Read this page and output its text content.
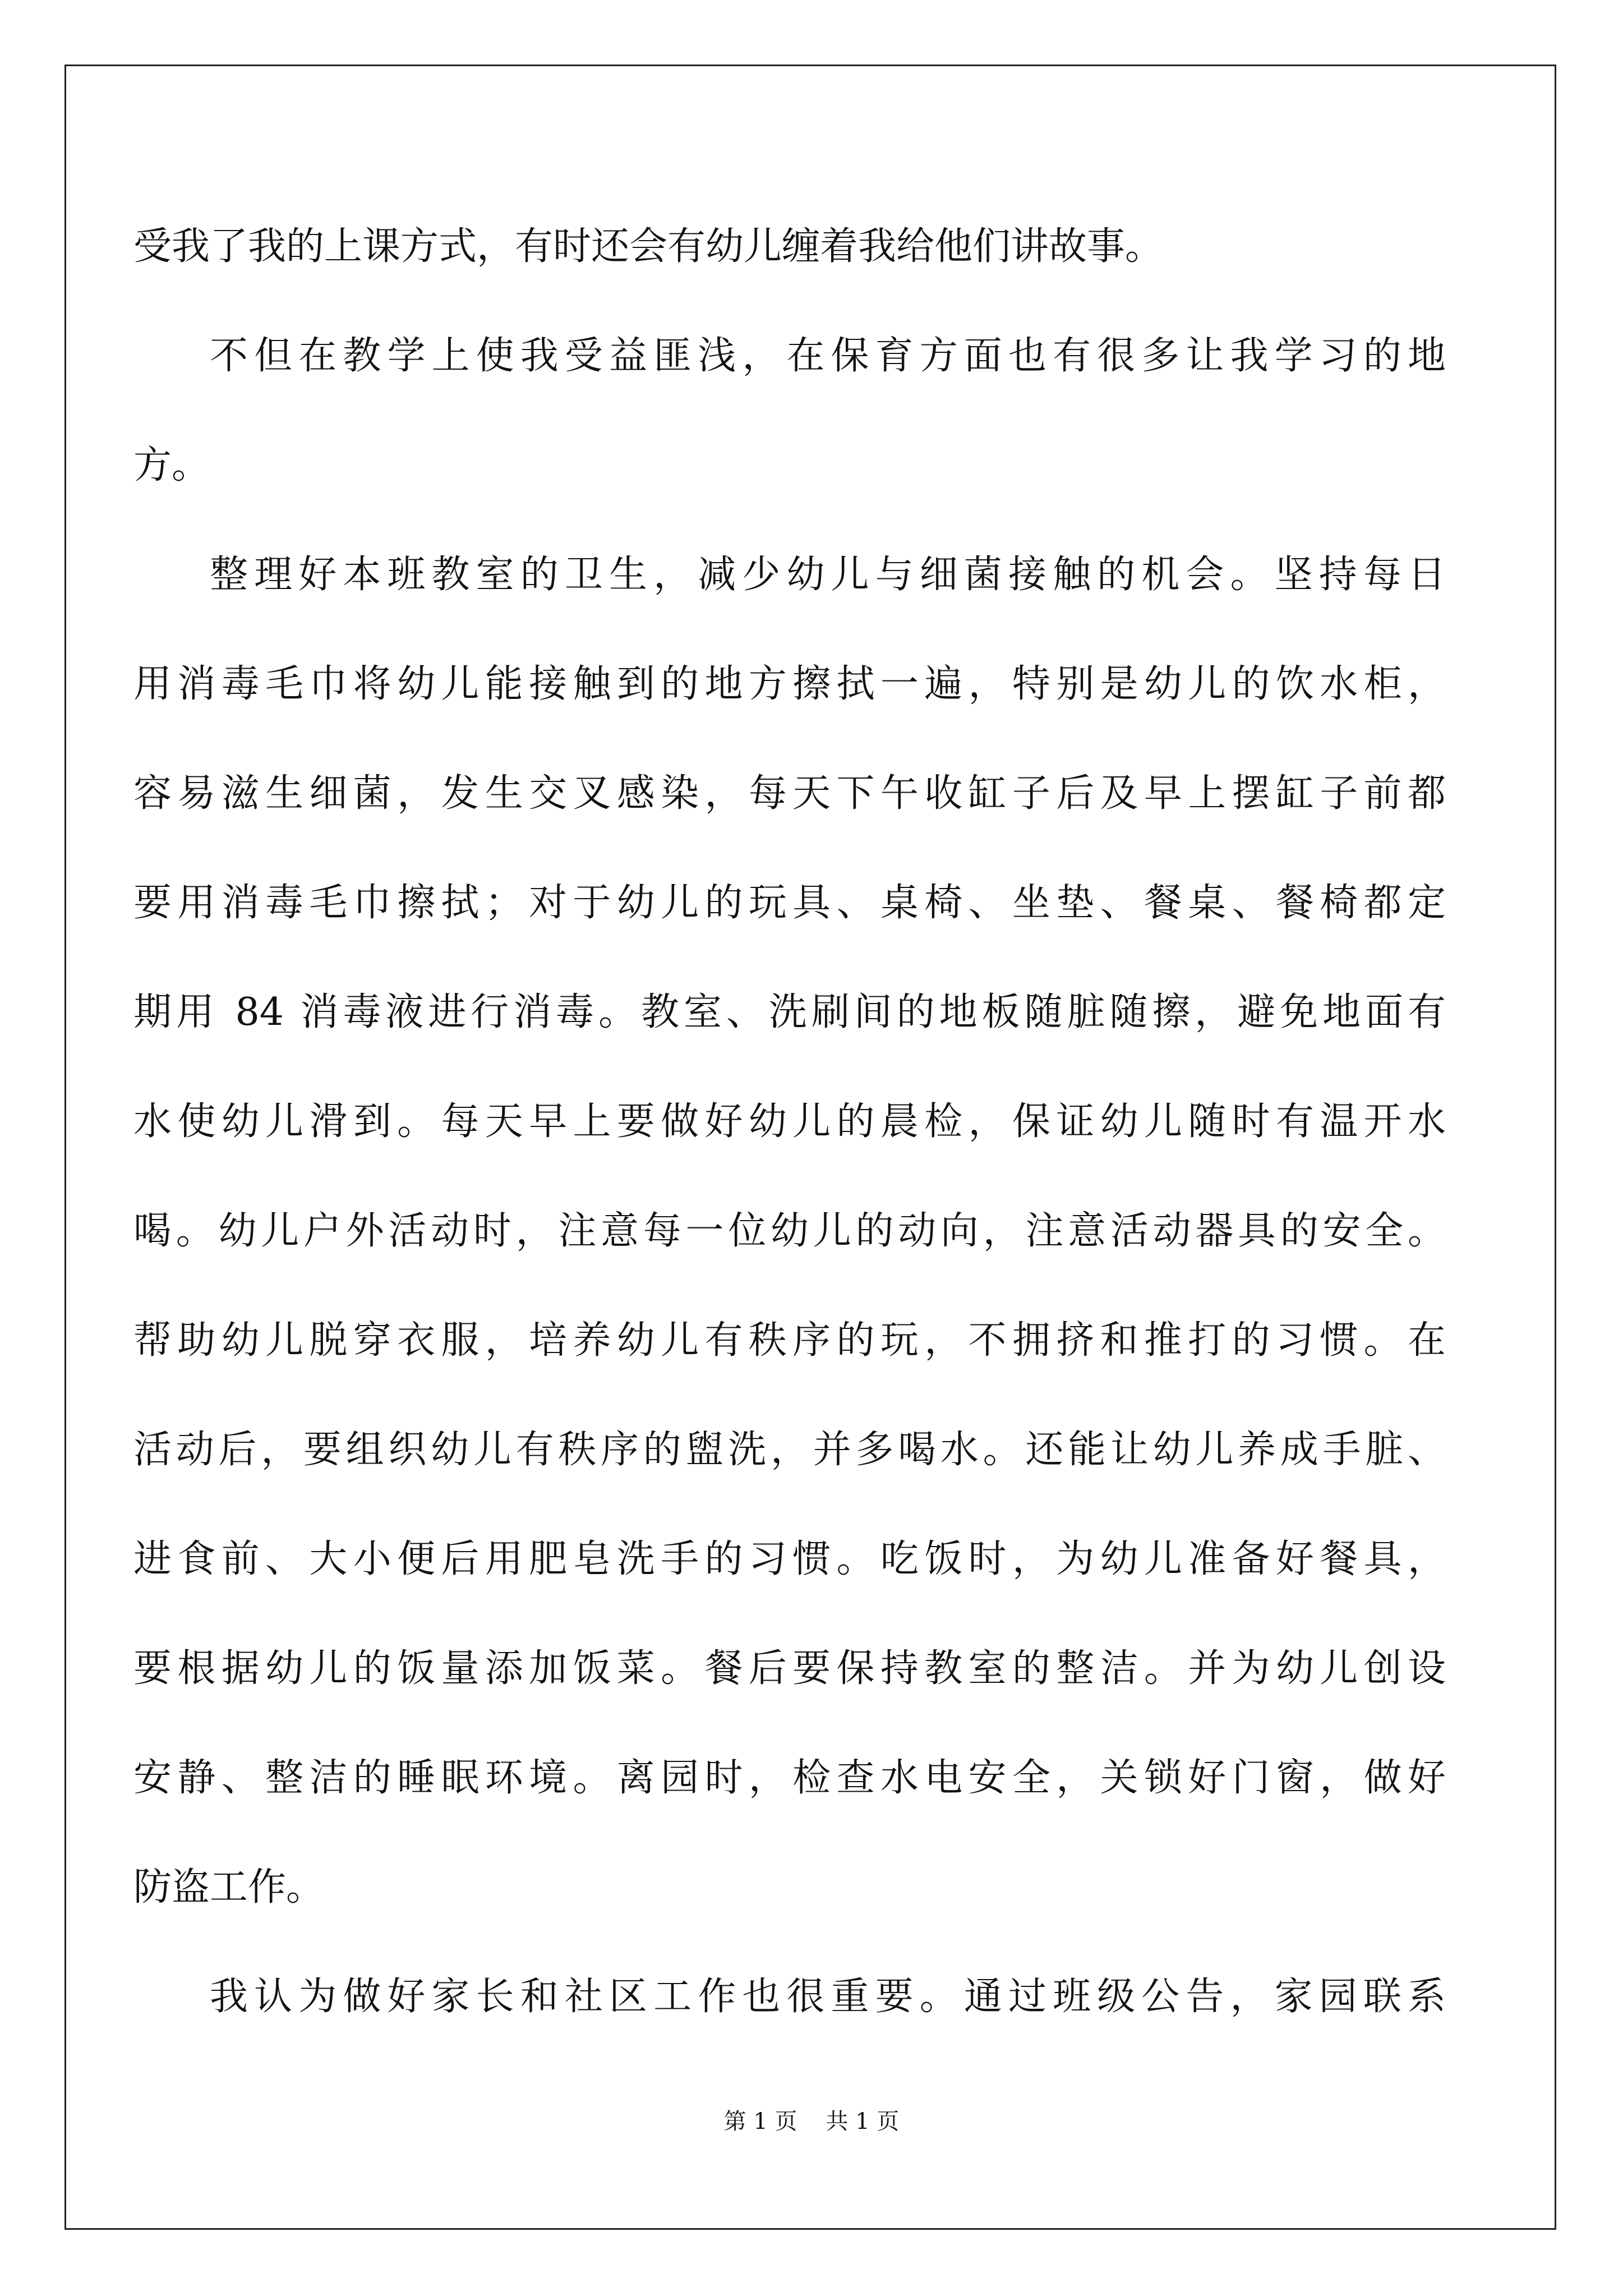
受我了我的上课方式，有时还会有幼儿缠着我给他们讲故事。
不但在教学上使我受益匪浅，在保育方面也有很多让我学习的地
方。
整理好本班教室的卫生，减少幼儿与细菌接触的机会。坚持每日
用消毒毛巾将幼儿能接触到的地方擦拭一遍，特别是幼儿的饮水柜，
容易滋生细菌，发生交叉感染，每天下午收缸子后及早上摆缸子前都
要用消毒毛巾擦拭；对于幼儿的玩具、桌椅、坐垫、餐桌、餐椅都定
期用 84 消毒液进行消毒。教室、洗刷间的地板随脏随擦，避免地面有
水使幼儿滑到。每天早上要做好幼儿的晨检，保证幼儿随时有温开水
喝。幼儿户外活动时，注意每一位幼儿的动向，注意活动器具的安全。
帮助幼儿脱穿衣服，培养幼儿有秩序的玩，不拥挤和推打的习惯。在
活动后，要组织幼儿有秩序的盥洗，并多喝水。还能让幼儿养成手脏、
进食前、大小便后用肥皂洗手的习惯。吃饭时，为幼儿准备好餐具，
要根据幼儿的饭量添加饭菜。餐后要保持教室的整洁。并为幼儿创设
安静、整洁的睡眠环境。离园时，检查水电安全，关锁好门窗，做好
防盗工作。
我认为做好家长和社区工作也很重要。通过班级公告，家园联系
第 1 页 共 1 页
